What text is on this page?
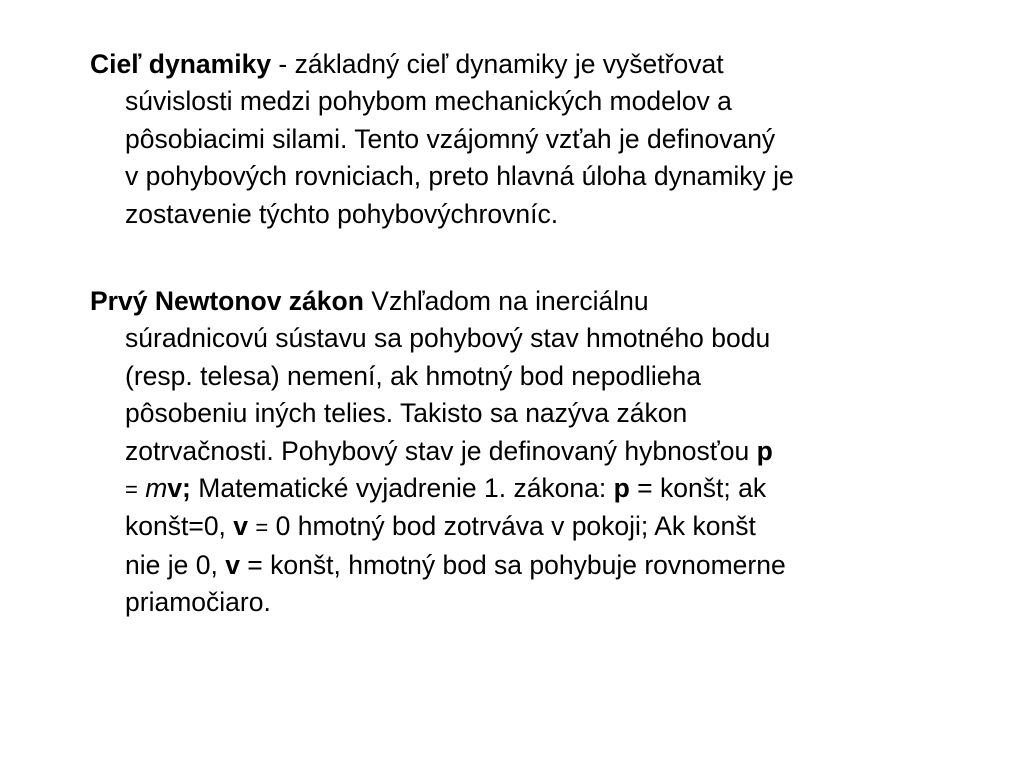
Cieľ dynamiky - základný cieľ dynamiky je vyšetřovat
súvislosti medzi pohybom mechanických modelov a
pôsobiacimi silami. Tento vzájomný vzťah je definovaný
v pohybových rovniciach, preto hlavná úloha dynamiky je
zostavenie týchto pohybovýchrovníc.

Prvý Newtonov zákon Vzhľadom na inerciálnu
súradnicovú sústavu sa pohybový stav hmotného bodu
(resp. telesa) nemení, ak hmotný bod nepodlieha
pôsobeniu iných telies. Takisto sa nazýva zákon
zotrvačnosti. Pohybový stav je definovaný hybnosťou p
= mv; Matematické vyjadrenie 1. zákona: p = konšt; ak
konšt=0, v = 0 hmotný bod zotrváva v pokoji; Ak konšt
nie je 0, v = konšt, hmotný bod sa pohybuje rovnomerne
priamočiaro.
